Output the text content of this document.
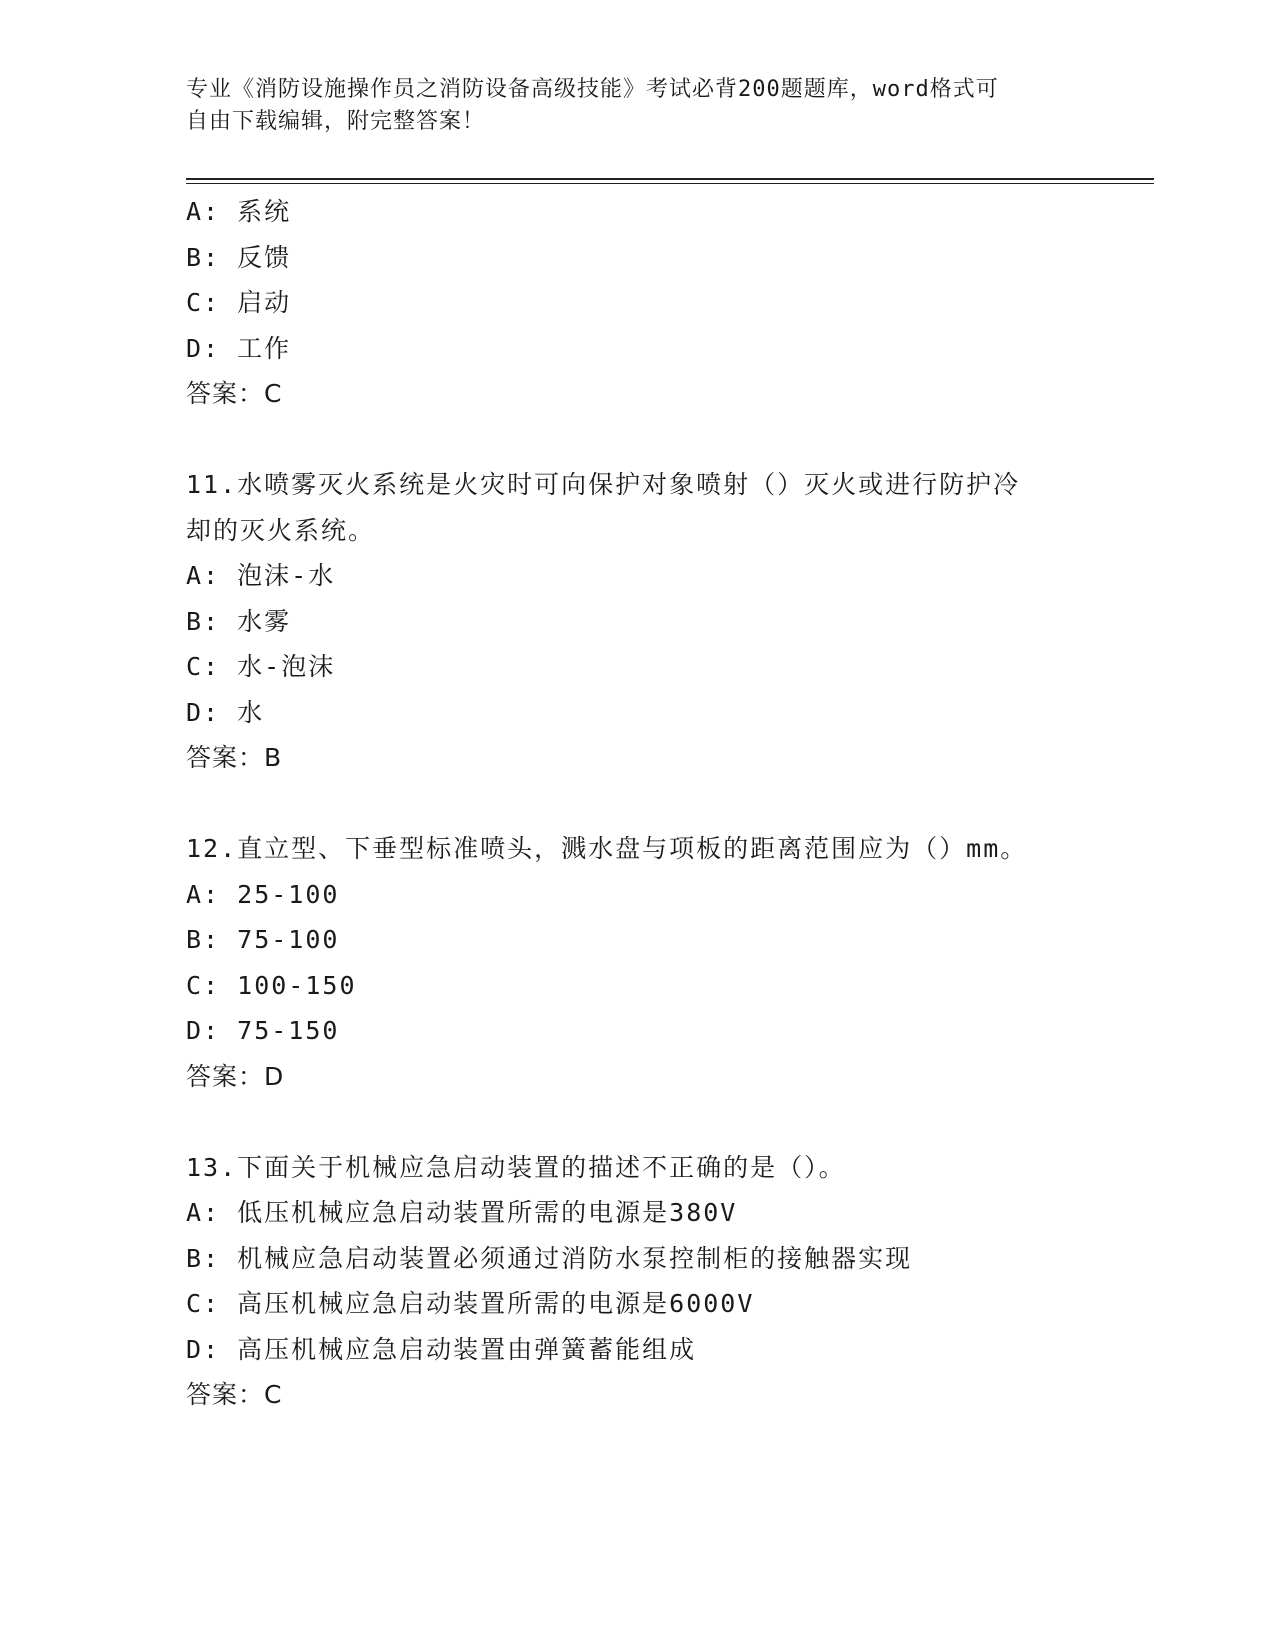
专业《消防设施操作员之消防设备高级技能》考试必背200题题库，word格式可
自由下载编辑，附完整答案！
A: 系统
B: 反馈
C: 启动
D: 工作
答案：C
11.水喷雾灭火系统是火灾时可向保护对象喷射（）灭火或进行防护冷
却的灭火系统。
A: 泡沫-水
B: 水雾
C: 水-泡沫
D: 水
答案：B
12.直立型、下垂型标准喷头，溅水盘与项板的距离范围应为（）mm。
A: 25-100
B: 75-100
C: 100-150
D: 75-150
答案：D
13.下面关于机械应急启动装置的描述不正确的是（）。
A: 低压机械应急启动装置所需的电源是380V
B: 机械应急启动装置必须通过消防水泵控制柜的接触器实现
C: 高压机械应急启动装置所需的电源是6000V
D: 高压机械应急启动装置由弹簧蓄能组成
答案：C
